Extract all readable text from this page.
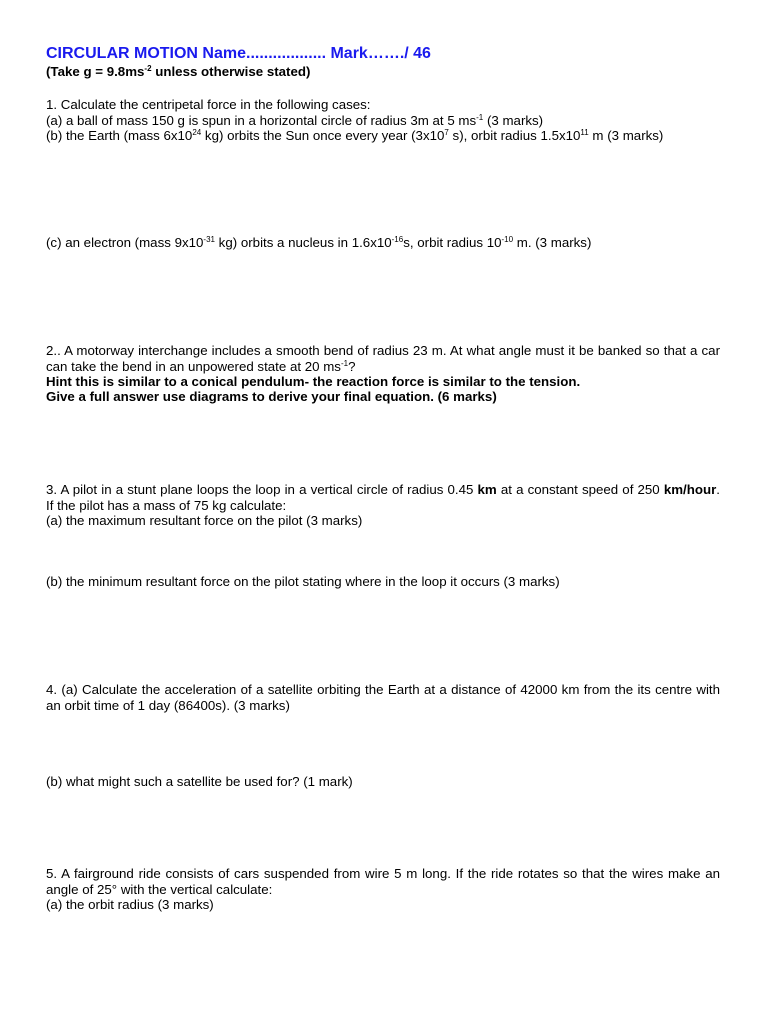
CIRCULAR MOTION Name.................. Mark……./ 46
(Take $g = 9.8ms^{-2}$ unless otherwise stated)
1. Calculate the centripetal force in the following cases:
(a) a ball of mass 150 g is spun in a horizontal circle of radius 3m at 5 $ms^{-1}$ (3 marks)
(b) the Earth (mass $6x10^{24}$ kg) orbits the Sun once every year ($3x10^7$ s), orbit radius $1.5x10^{11}$ m (3 marks)
(c) an electron (mass $9x10^{-31}$ kg) orbits a nucleus in $1.6x10^{-16}s$, orbit radius $10^{-10}$ m. (3 marks)
2.. A motorway interchange includes a smooth bend of radius 23 m. At what angle must it be banked so that a car can take the bend in an unpowered state at 20 $ms^{-1}$?
Hint this is similar to a conical pendulum- the reaction force is similar to the tension.
Give a full answer use diagrams to derive your final equation. (6 marks)
3. A pilot in a stunt plane loops the loop in a vertical circle of radius 0.45 km at a constant speed of 250 km/hour. If the pilot has a mass of 75 kg calculate:
(a) the maximum resultant force on the pilot (3 marks)
(b) the minimum resultant force on the pilot stating where in the loop it occurs (3 marks)
4. (a) Calculate the acceleration of a satellite orbiting the Earth at a distance of 42000 km from the its centre with an orbit time of 1 day (86400s). (3 marks)
(b) what might such a satellite be used for? (1 mark)
5. A fairground ride consists of cars suspended from wire 5 m long. If the ride rotates so that the wires make an angle of 25° with the vertical calculate:
(a) the orbit radius (3 marks)
